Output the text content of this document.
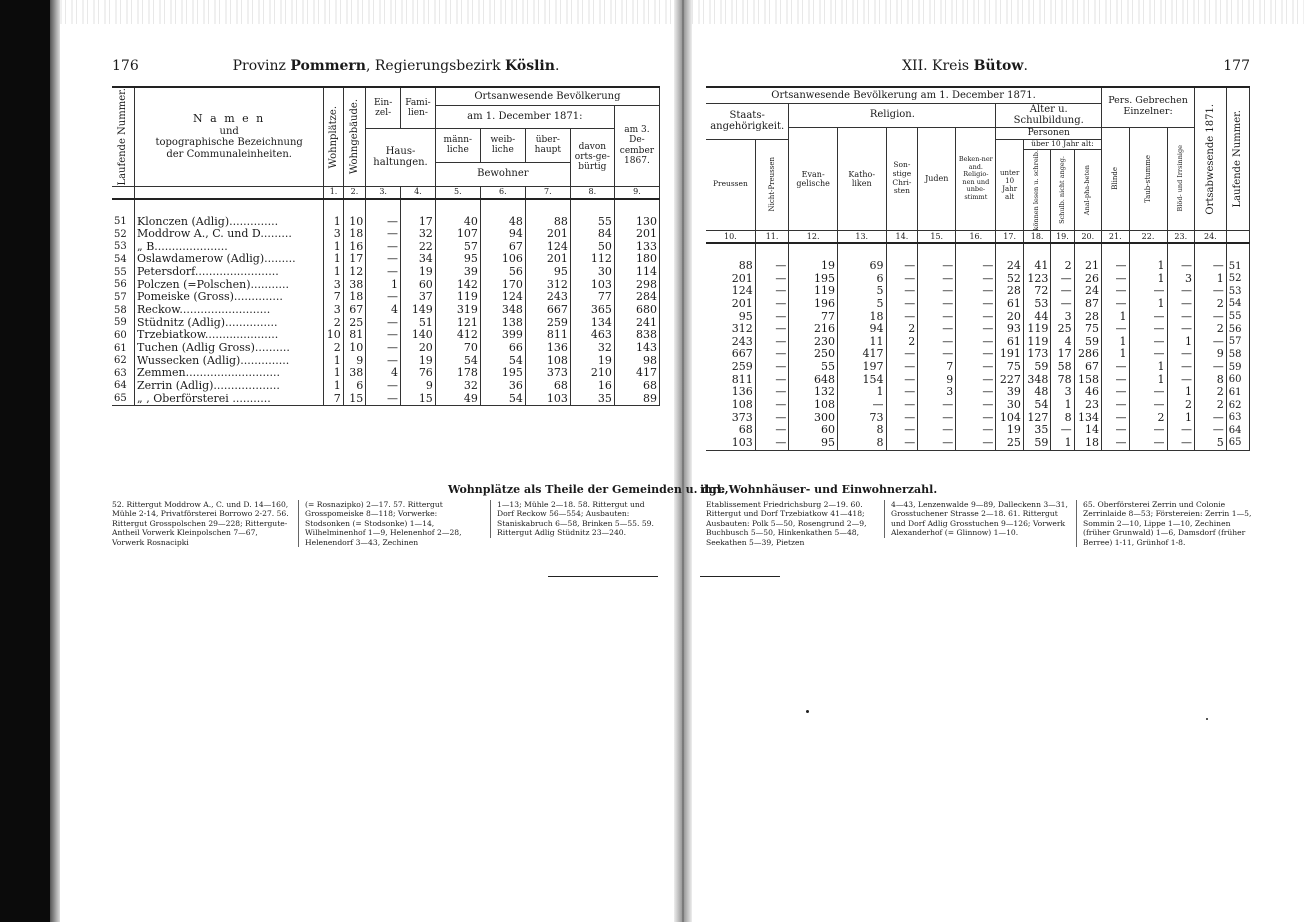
176	Provinz Pommern, Regierungsbezirk Köslin.
Laufende Nummer.	N a m e n
und
topographische Bezeichnung
der Communaleinheiten.	Wohnplätze.	Wohngebäude.	Ein-zel-	Fami-lien-	Ortsanwesende Bevölkerung				
						am 1. December 1871:				am 3. De-cember 1867.
				Haus-haltungen.		männ-liche	weib-liche	über-haupt	davon orts-ge-bürtig	
						Bewohner				
		1.	2.	3.	4.	5.	6.	7.	8.	9.

51	Klonczen (Adlig)..............	1	10	—	17	40	48	88	55	130
52	Moddrow A., C. und D.........	3	18	—	32	107	94	201	84	201
53	„ B.....................	1	16	—	22	57	67	124	50	133
54	Oslawdamerow (Adlig).........	1	17	—	34	95	106	201	112	180
55	Petersdorf........................	1	12	—	19	39	56	95	30	114
56	Polczen (=Polschen)...........	3	38	1	60	142	170	312	103	298
57	Pomeiske (Gross)..............	7	18	—	37	119	124	243	77	284
58	Reckow..........................	3	67	4	149	319	348	667	365	680
59	Stüdnitz (Adlig)...............	2	25	—	51	121	138	259	134	241
60	Trzebiatkow.....................	10	81	—	140	412	399	811	463	838
61	Tuchen (Adlig Gross)..........	2	10	—	20	70	66	136	32	143
62	Wussecken (Adlig)..............	1	9	—	19	54	54	108	19	98
63	Zemmen...........................	1	38	4	76	178	195	373	210	417
64	Zerrin (Adlig)...................	1	6	—	9	32	36	68	16	68
65	„ , Oberförsterei ...........	7	15	—	15	49	54	103	35	89
Wohnplätze als Theile der Gemeinden u. dgl.,
52. Rittergut Moddrow A., C. und D. 14—160, Mühle 2-14, Privatförsterei Borrowo 2-27. 56. Rittergut Grosspolschen 29—228; Rittergute-Antheil Vorwerk Kleinpolschen 7—67, Vorwerk Rosnacipki
(= Rosnazipko) 2—17. 57. Rittergut Grosspomeiske 8—118; Vorwerke: Stodsonken (= Stodsonke) 1—14, Wilhelminenhof 1—9, Helenenhof 2—28, Helenendorf 3—43, Zechinen
1—13; Mühle 2—18. 58. Rittergut und Dorf Reckow 56—554; Ausbauten: Staniskabruch 6—58, Brinken 5—55. 59. Rittergut Adlig Stüdnitz 23—240.
XII. Kreis Bütow.	177
Ortsanwesende Bevölkerung am 1. December 1871.											Pers. Gebrechen Einzelner:			Ortsabwesende 1871.	Laufende Nummer.

Staats-angehörigkeit.		Religion.					Alter u. Schulbildung.								
		Evan-gelische	Katho-liken	Son-stige Chri-sten	Juden	Beken-ner and. Religio-nen und unbe-stimmt	Personen				Blinde	Taub-stumme	Blöd- und Irrsinnige		

Preussen	Nicht-Preussen						unter 10 Jahr alt	über 10 Jahr alt:							

								können lesen u. schreib.	Schulb. nicht angeg.	Anal-pha-beten					

10.	11.	12.	13.	14.	15.	16.	17.	18.	19.	20.	21.	22.	23.	24.	

88	—	19	69	—	—	—	24	41	2	21	—	1	—	—	51
201	—	195	6	—	—	—	52	123	—	26	—	1	3	1	52
124	—	119	5	—	—	—	28	72	—	24	—	—	—	—	53
201	—	196	5	—	—	—	61	53	—	87	—	1	—	2	54
95	—	77	18	—	—	—	20	44	3	28	1	—	—	—	55
312	—	216	94	2	—	—	93	119	25	75	—	—	—	2	56
243	—	230	11	2	—	—	61	119	4	59	1	—	1	—	57
667	—	250	417	—	—	—	191	173	17	286	1	—	—	9	58
259	—	55	197	—	7	—	75	59	58	67	—	1	—	—	59
811	—	648	154	—	9	—	227	348	78	158	—	1	—	8	60
136	—	132	1	—	3	—	39	48	3	46	—	—	1	2	61
108	—	108	—	—	—	—	30	54	1	23	—	—	2	2	62
373	—	300	73	—	—	—	104	127	8	134	—	2	1	—	63
68	—	60	8	—	—	—	19	35	—	14	—	—	—	—	64
103	—	95	8	—	—	—	25	59	1	18	—	—	—	5	65
ihre Wohnhäuser- und Einwohnerzahl.
Etablissement Friedrichsburg 2—19. 60. Rittergut und Dorf Trzebiatkow 41—418; Ausbauten: Polk 5—50, Rosengrund 2—9, Buchbusch 5—50, Hinkenkathen 5—48, Seekathen 5—39, Pietzen
4—43, Lenzenwalde 9—89, Dalleckenn 3—31, Grosstuchener Strasse 2—18. 61. Rittergut und Dorf Adlig Grosstuchen 9—126; Vorwerk Alexanderhof (= Glinnow) 1—10.
65. Oberförsterei Zerrin und Colonie Zerrinlaide 8—53; Förstereien: Zerrin 1—5, Sommin 2—10, Lippe 1—10, Zechinen (früher Grunwald) 1—6, Damsdorf (früher Berree) 1-11, Grünhof 1-8.
